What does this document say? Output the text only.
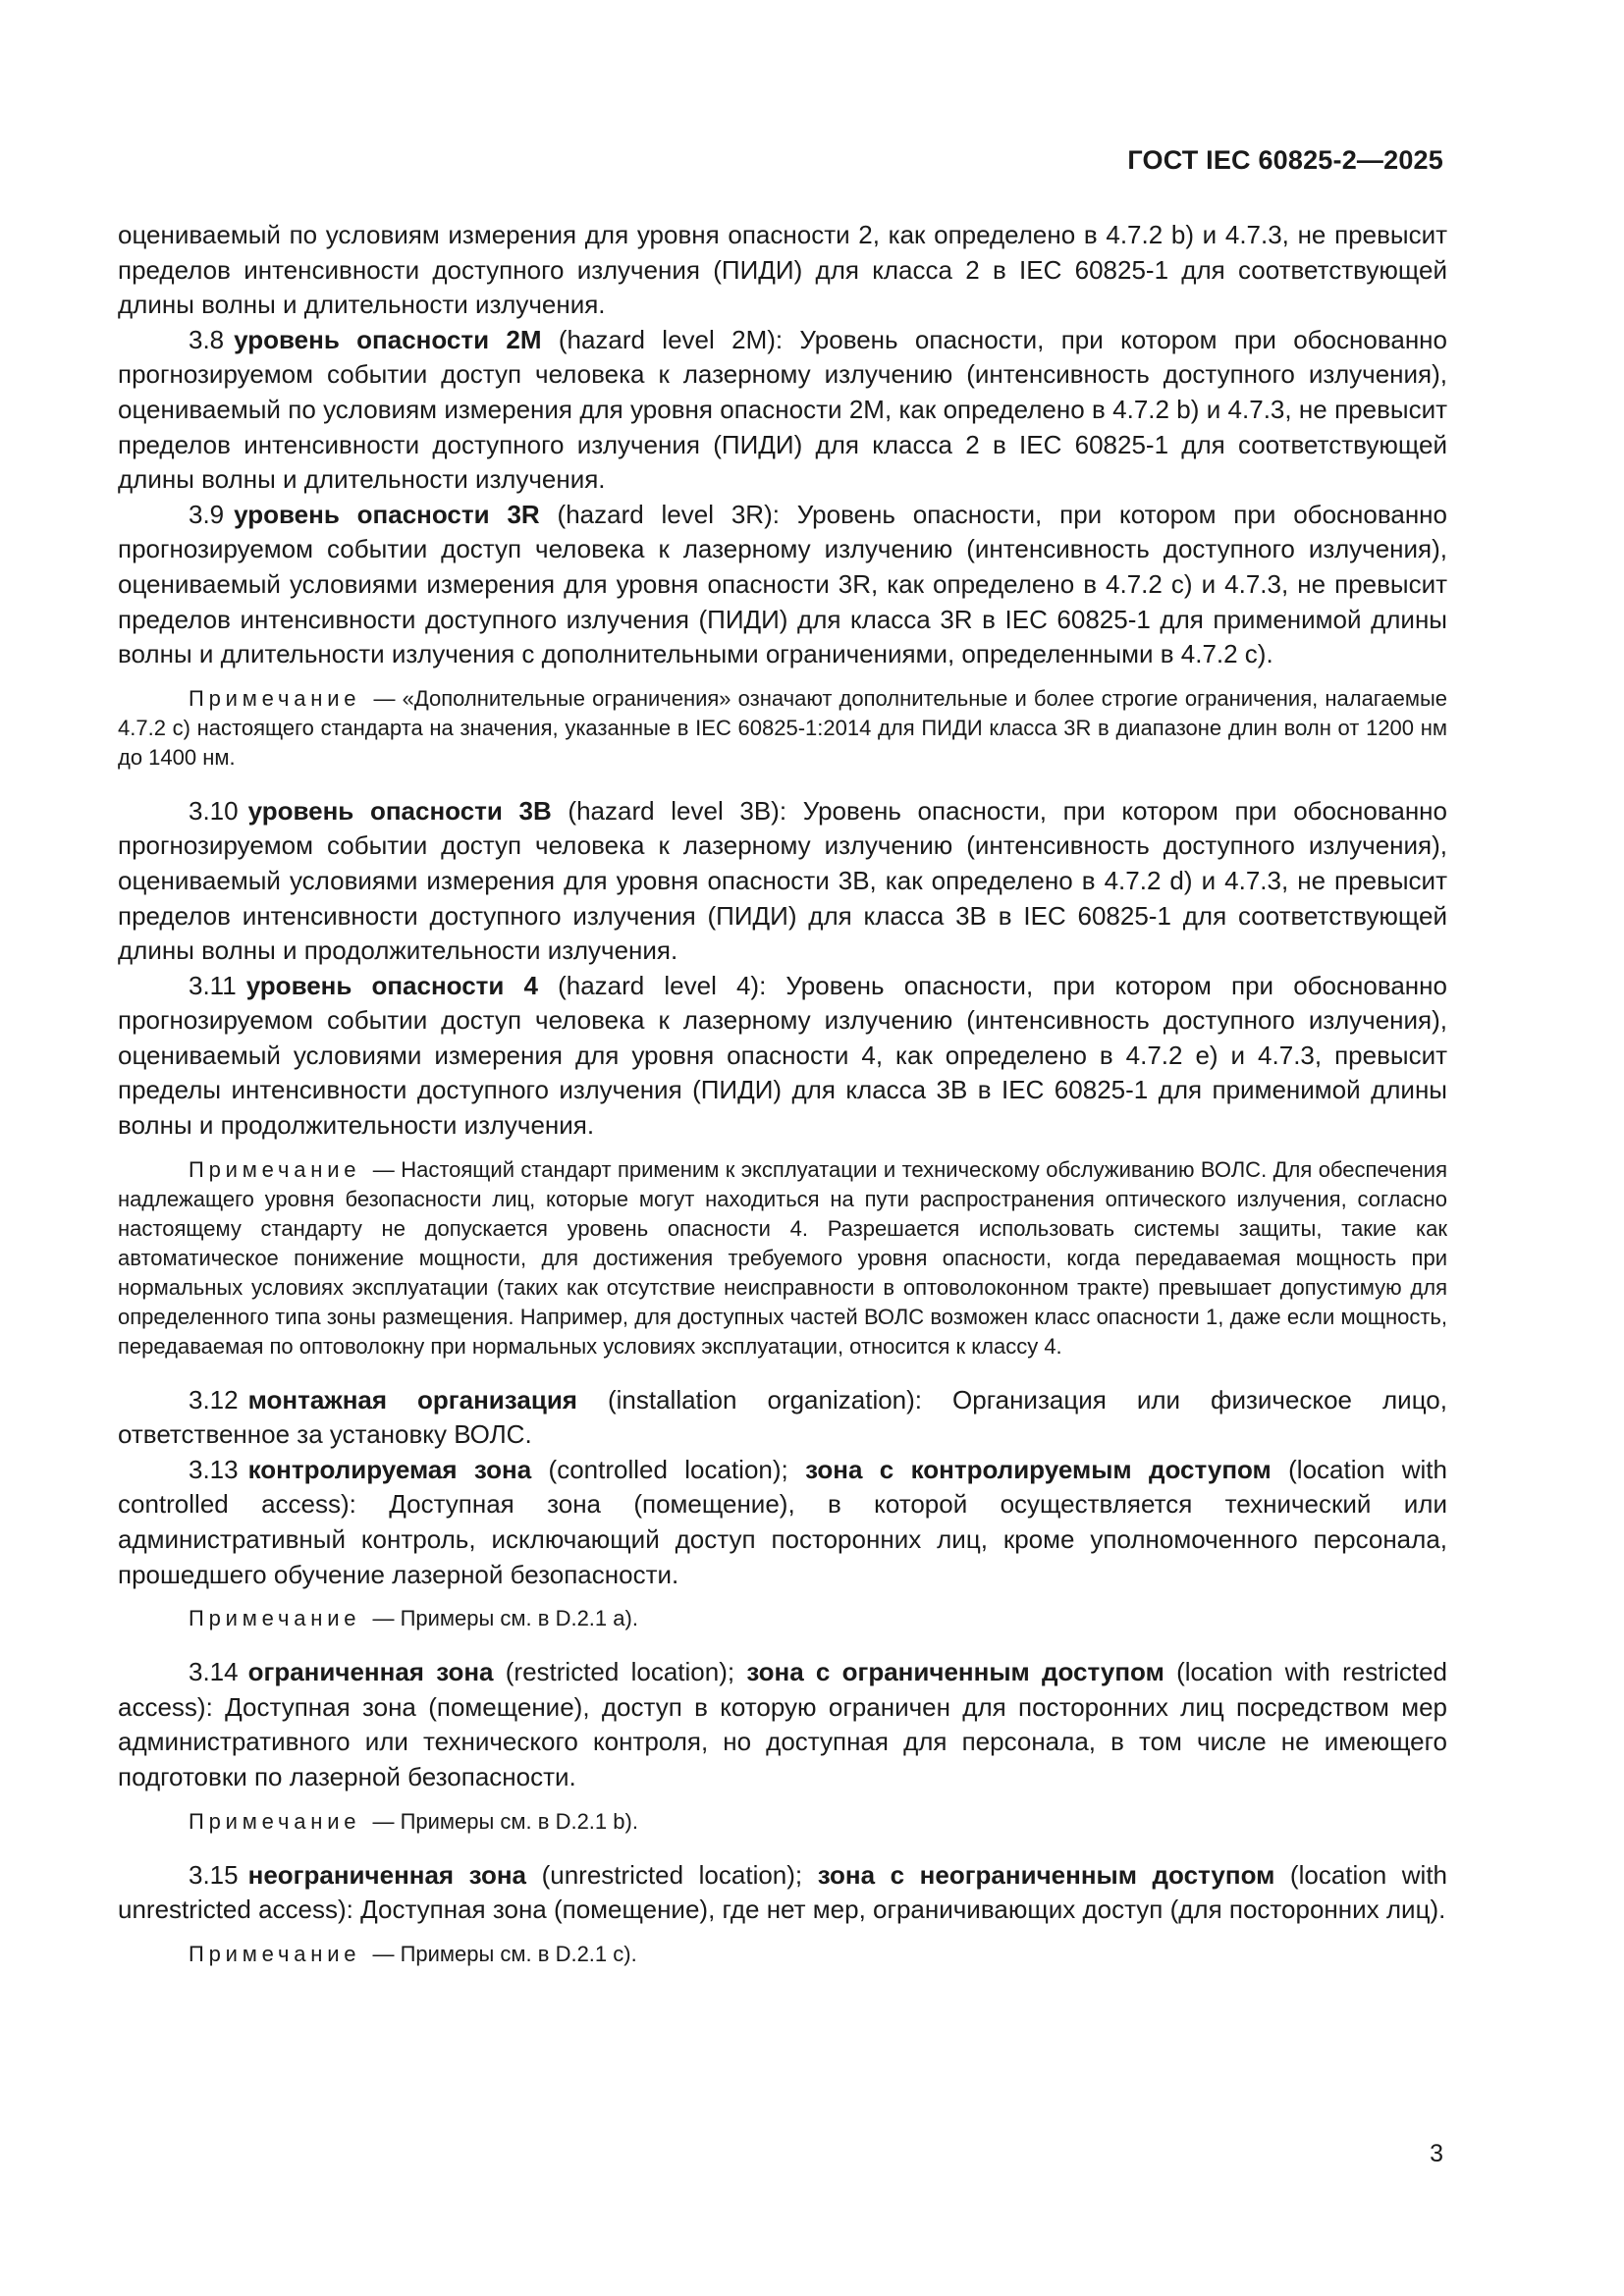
ГОСТ IEC 60825-2—2025

оцениваемый по условиям измерения для уровня опасности 2, как определено в 4.7.2 b) и 4.7.3, не превысит пределов интенсивности доступного излучения (ПИДИ) для класса 2 в IEC 60825-1 для соответствующей длины волны и длительности излучения.

3.8 уровень опасности 2M (hazard level 2M): Уровень опасности, при котором при обоснованно прогнозируемом событии доступ человека к лазерному излучению (интенсивность доступного излучения), оцениваемый по условиям измерения для уровня опасности 2M, как определено в 4.7.2 b) и 4.7.3, не превысит пределов интенсивности доступного излучения (ПИДИ) для класса 2 в IEC 60825-1 для соответствующей длины волны и длительности излучения.

3.9 уровень опасности 3R (hazard level 3R): Уровень опасности, при котором при обоснованно прогнозируемом событии доступ человека к лазерному излучению (интенсивность доступного излучения), оцениваемый условиями измерения для уровня опасности 3R, как определено в 4.7.2 c) и 4.7.3, не превысит пределов интенсивности доступного излучения (ПИДИ) для класса 3R в IEC 60825-1 для применимой длины волны и длительности излучения с дополнительными ограничениями, определенными в 4.7.2 c).

Примечание — «Дополнительные ограничения» означают дополнительные и более строгие ограничения, налагаемые 4.7.2 c) настоящего стандарта на значения, указанные в IEC 60825-1:2014 для ПИДИ класса 3R в диапазоне длин волн от 1200 нм до 1400 нм.

3.10 уровень опасности 3B (hazard level 3B): Уровень опасности, при котором при обоснованно прогнозируемом событии доступ человека к лазерному излучению (интенсивность доступного излучения), оцениваемый условиями измерения для уровня опасности 3B, как определено в 4.7.2 d) и 4.7.3, не превысит пределов интенсивности доступного излучения (ПИДИ) для класса 3B в IEC 60825-1 для соответствующей длины волны и продолжительности излучения.

3.11 уровень опасности 4 (hazard level 4): Уровень опасности, при котором при обоснованно прогнозируемом событии доступ человека к лазерному излучению (интенсивность доступного излучения), оцениваемый условиями измерения для уровня опасности 4, как определено в 4.7.2 e) и 4.7.3, превысит пределы интенсивности доступного излучения (ПИДИ) для класса 3B в IEC 60825-1 для применимой длины волны и продолжительности излучения.

Примечание — Настоящий стандарт применим к эксплуатации и техническому обслуживанию ВОЛС. Для обеспечения надлежащего уровня безопасности лиц, которые могут находиться на пути распространения оптического излучения, согласно настоящему стандарту не допускается уровень опасности 4. Разрешается использовать системы защиты, такие как автоматическое понижение мощности, для достижения требуемого уровня опасности, когда передаваемая мощность при нормальных условиях эксплуатации (таких как отсутствие неисправности в оптоволоконном тракте) превышает допустимую для определенного типа зоны размещения. Например, для доступных частей ВОЛС возможен класс опасности 1, даже если мощность, передаваемая по оптоволокну при нормальных условиях эксплуатации, относится к классу 4.

3.12 монтажная организация (installation organization): Организация или физическое лицо, ответственное за установку ВОЛС.

3.13 контролируемая зона (controlled location); зона с контролируемым доступом (location with controlled access): Доступная зона (помещение), в которой осуществляется технический или административный контроль, исключающий доступ посторонних лиц, кроме уполномоченного персонала, прошедшего обучение лазерной безопасности.

Примечание — Примеры см. в D.2.1 a).

3.14 ограниченная зона (restricted location); зона с ограниченным доступом (location with restricted access): Доступная зона (помещение), доступ в которую ограничен для посторонних лиц посредством мер административного или технического контроля, но доступная для персонала, в том числе не имеющего подготовки по лазерной безопасности.

Примечание — Примеры см. в D.2.1 b).

3.15 неограниченная зона (unrestricted location); зона с неограниченным доступом (location with unrestricted access): Доступная зона (помещение), где нет мер, ограничивающих доступ (для посторонних лиц).

Примечание — Примеры см. в D.2.1 c).

3
